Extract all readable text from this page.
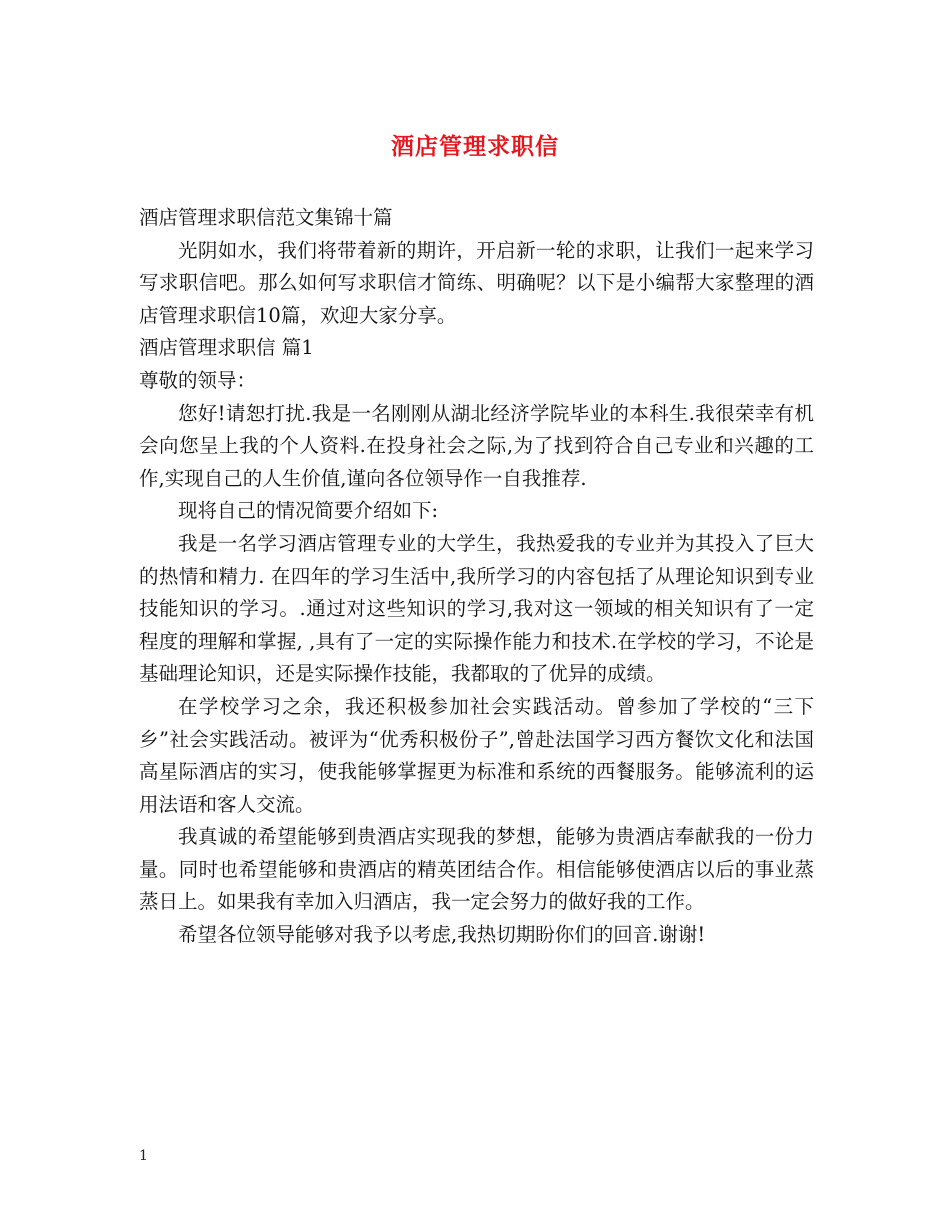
酒店管理求职信

酒店管理求职信范文集锦十篇

光阴如水，我们将带着新的期许，开启新一轮的求职，让我们一起来学习写求职信吧。那么如何写求职信才简练、明确呢？以下是小编帮大家整理的酒店管理求职信10篇，欢迎大家分享。

酒店管理求职信 篇1

尊敬的领导：

您好!请恕打扰.我是一名刚刚从湖北经济学院毕业的本科生.我很荣幸有机会向您呈上我的个人资料.在投身社会之际,为了找到符合自己专业和兴趣的工作,实现自己的人生价值,谨向各位领导作一自我推荐.

现将自己的情况简要介绍如下:

我是一名学习酒店管理专业的大学生，我热爱我的专业并为其投入了巨大的热情和精力. 在四年的学习生活中,我所学习的内容包括了从理论知识到专业技能知识的学习。.通过对这些知识的学习,我对这一领域的相关知识有了一定程度的理解和掌握, ,具有了一定的实际操作能力和技术.在学校的学习，不论是基础理论知识，还是实际操作技能，我都取的了优异的成绩。

在学校学习之余，我还积极参加社会实践活动。曾参加了学校的“三下乡”社会实践活动。被评为“优秀积极份子”,曾赴法国学习西方餐饮文化和法国高星际酒店的实习，使我能够掌握更为标准和系统的西餐服务。能够流利的运用法语和客人交流。

我真诚的希望能够到贵酒店实现我的梦想，能够为贵酒店奉献我的一份力量。同时也希望能够和贵酒店的精英团结合作。相信能够使酒店以后的事业蒸蒸日上。如果我有幸加入归酒店，我一定会努力的做好我的工作。

希望各位领导能够对我予以考虑,我热切期盼你们的回音.谢谢!

1
